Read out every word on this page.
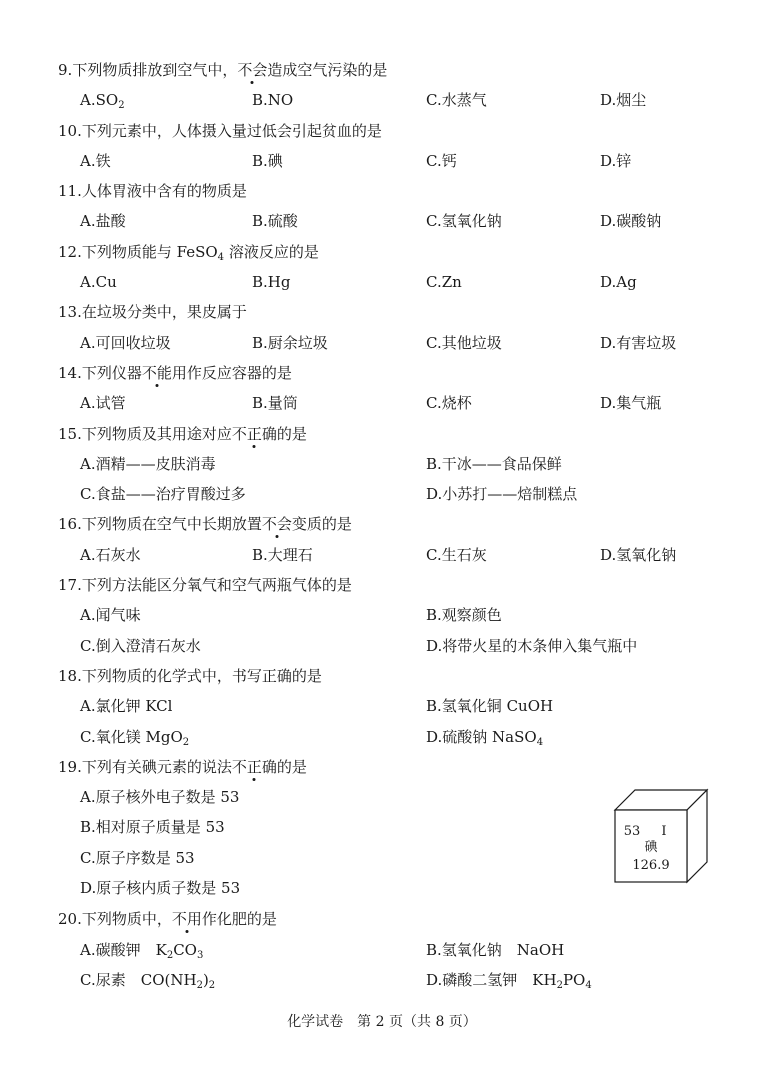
9.下列物质排放到空气中，不会造成空气污染的是
$A.SO_2$	B.NO	C.水蒸气	D.烟尘
10.下列元素中，人体摄入量过低会引起贫血的是
A.铁	B.碘	C.钙	D.锌
11.人体胃液中含有的物质是
A.盐酸	B.硫酸	C.氢氧化钠	D.碳酸钠
12.下列物质能与 FeSO$_4$ 溶液反应的是
A.Cu	B.Hg	C.Zn	D.Ag
13.在垃圾分类中，果皮属于
A.可回收垃圾	B.厨余垃圾	C.其他垃圾	D.有害垃圾
14.下列仪器不能用作反应容器的是
A.试管	B.量筒	C.烧杯	D.集气瓶
15.下列物质及其用途对应不正确的是
A.酒精——皮肤消毒	B.干冰——食品保鲜
C.食盐——治疗胃酸过多	D.小苏打——焙制糕点
16.下列物质在空气中长期放置不会变质的是
A.石灰水	B.大理石	C.生石灰	D.氢氧化钠
17.下列方法能区分氧气和空气两瓶气体的是
A.闻气味	B.观察颜色
C.倒入澄清石灰水	D.将带火星的木条伸入集气瓶中
18.下列物质的化学式中，书写正确的是
A.氯化钾 KCl	B.氢氧化铜 CuOH
C.氧化镁 MgO$_2$	D.硫酸钠 NaSO$_4$
19.下列有关碘元素的说法不正确的是
A.原子核外电子数是 53
B.相对原子质量是 53
C.原子序数是 53
D.原子核内质子数是 53
53	I
碘
126.9
20.下列物质中，不用作化肥的是
A.碳酸钾　$K_2CO_3$	B.氢氧化钠　NaOH
C.尿素　$CO(NH_2)_2$	D.磷酸二氢钾　$KH_2PO_4$
化学试卷　第 2 页（共 8 页）
